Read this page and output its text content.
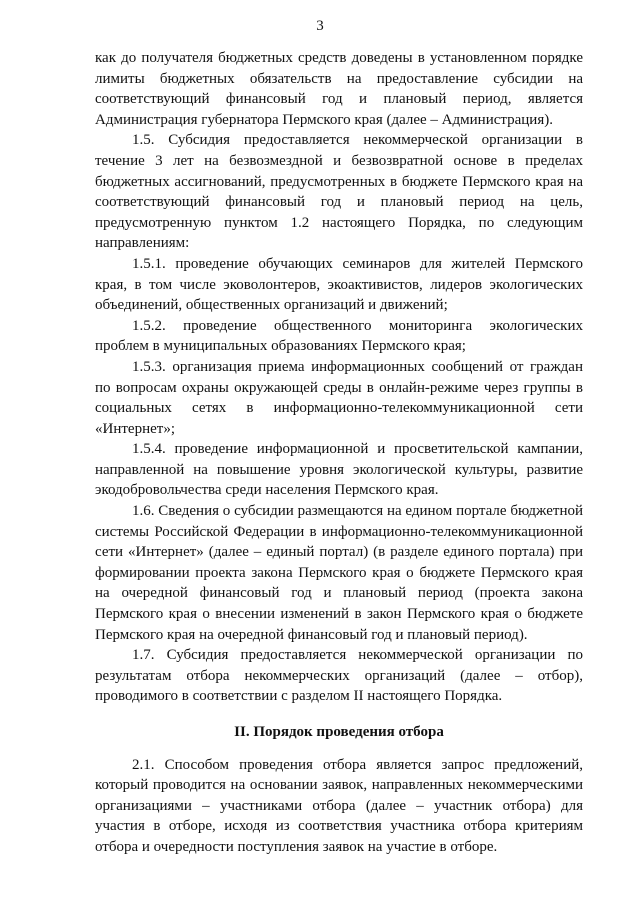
3

как до получателя бюджетных средств доведены в установленном порядке лимиты бюджетных обязательств на предоставление субсидии на соответствующий финансовый год и плановый период, является Администрация губернатора Пермского края (далее – Администрация).

1.5. Субсидия предоставляется некоммерческой организации в течение 3 лет на безвозмездной и безвозвратной основе в пределах бюджетных ассигнований, предусмотренных в бюджете Пермского края на соответствующий финансовый год и плановый период на цель, предусмотренную пунктом 1.2 настоящего Порядка, по следующим направлениям:

1.5.1. проведение обучающих семинаров для жителей Пермского края, в том числе эковолонтеров, экоактивистов, лидеров экологических объединений, общественных организаций и движений;

1.5.2. проведение общественного мониторинга экологических проблем в муниципальных образованиях Пермского края;

1.5.3. организация приема информационных сообщений от граждан по вопросам охраны окружающей среды в онлайн-режиме через группы в социальных сетях в информационно-телекоммуникационной сети «Интернет»;

1.5.4. проведение информационной и просветительской кампании, направленной на повышение уровня экологической культуры, развитие экодобровольчества среди населения Пермского края.

1.6. Сведения о субсидии размещаются на едином портале бюджетной системы Российской Федерации в информационно-телекоммуникационной сети «Интернет» (далее – единый портал) (в разделе единого портала) при формировании проекта закона Пермского края о бюджете Пермского края на очередной финансовый год и плановый период (проекта закона Пермского края о внесении изменений в закон Пермского края о бюджете Пермского края на очередной финансовый год и плановый период).

1.7. Субсидия предоставляется некоммерческой организации по результатам отбора некоммерческих организаций (далее – отбор), проводимого в соответствии с разделом II настоящего Порядка.

II. Порядок проведения отбора

2.1. Способом проведения отбора является запрос предложений, который проводится на основании заявок, направленных некоммерческими организациями – участниками отбора (далее – участник отбора) для участия в отборе, исходя из соответствия участника отбора критериям отбора и очередности поступления заявок на участие в отборе.
